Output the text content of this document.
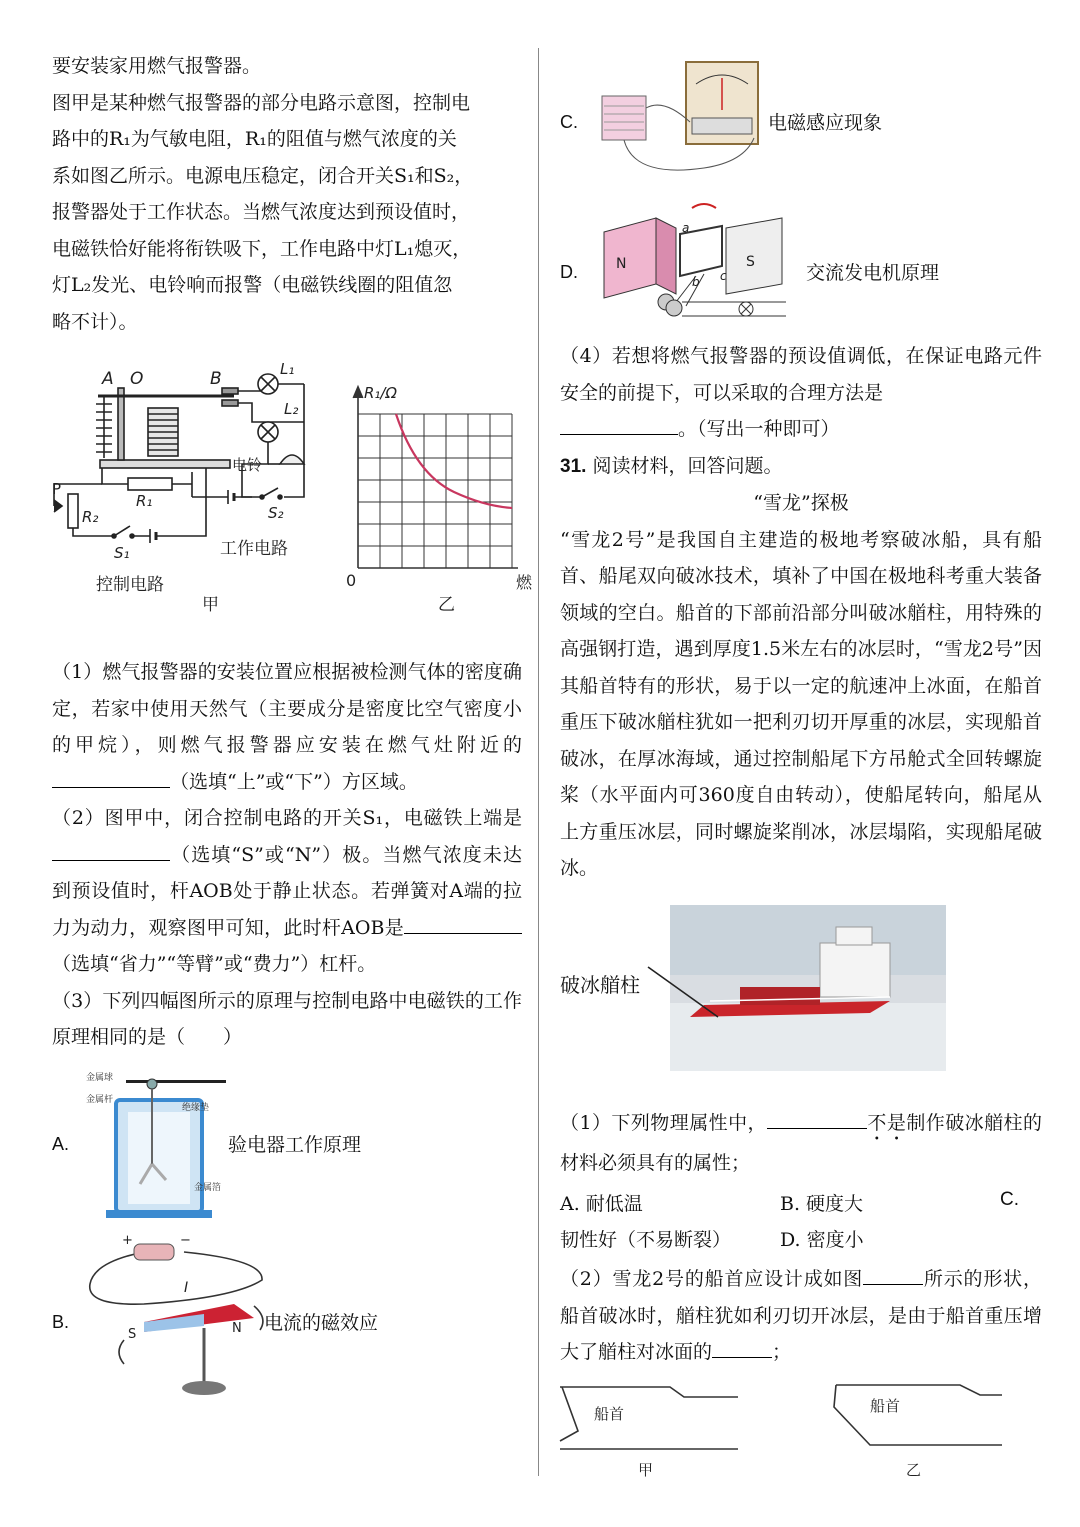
要安装家用燃气报警器。

图甲是某种燃气报警器的部分电路示意图，控制电

路中的R₁为气敏电阻，R₁的阻值与燃气浓度的关

系如图乙所示。电源电压稳定，闭合开关S₁和S₂，

报警器处于工作状态。当燃气浓度达到预设值时，

电磁铁恰好能将衔铁吸下，工作电路中灯L₁熄灭，

灯L₂发光、电铃响而报警（电磁铁线圈的阻值忽

略不计）。

A O	B	L₁
L₂
R₁
R₂
P
S₁
S₂
电铃
控制电路
工作电路
甲
R₁/Ω
0	燃
乙

（1）燃气报警器的安装位置应根据被检测气体的密度确定，若家中使用天然气（主要成分是密度比空气密度小的甲烷），则燃气报警器应安装在燃气灶附近的（选填“上”或“下”）方区域。

（2）图甲中，闭合控制电路的开关S₁，电磁铁上端是（选填“S”或“N”）极。当燃气浓度未达到预设值时，杆AOB处于静止状态。若弹簧对A端的拉力为动力，观察图甲可知，此时杆AOB是（选填“省力”“等臂”或“费力”）杠杆。

（3）下列四幅图所示的原理与控制电路中电磁铁的工作原理相同的是（　　）

A.
金属球
金属杆
绝缘垫
金属箔
验电器工作原理
B.
+	−
I
S	N 电流的磁效应
C.	电磁感应现象
D.	N	S
a
b c	交流发电机原理

（4）若想将燃气报警器的预设值调低，在保证电路元件安全的前提下，可以采取的合理方法是
。（写出一种即可）

31. 阅读材料，回答问题。

“雪龙”探极

“雪龙2号”是我国自主建造的极地考察破冰船，具有船首、船尾双向破冰技术，填补了中国在极地科考重大装备领域的空白。船首的下部前沿部分叫破冰艏柱，用特殊的高强钢打造，遇到厚度1.5米左右的冰层时，“雪龙2号”因其船首特有的形状，易于以一定的航速冲上冰面，在船首重压下破冰艏柱犹如一把利刃切开厚重的冰层，实现船首破冰，在厚冰海域，通过控制船尾下方吊舱式全回转螺旋桨（水平面内可360度自由转动），使船尾转向，船尾从上方重压冰层，同时螺旋桨削冰，冰层塌陷，实现船尾破冰。

破冰艏柱

（1）下列物理属性中，	不是制作破冰艏柱的材料必须具有的属性；

A. 耐低温	B. 硬度大	C.
韧性好（不易断裂）	D. 密度小

（2）雪龙2号的船首应设计成如图	所示的形状，船首破冰时，艏柱犹如利刃切开冰层，是由于船首重压增大了艏柱对冰面的	；

船首
甲
船首
乙
